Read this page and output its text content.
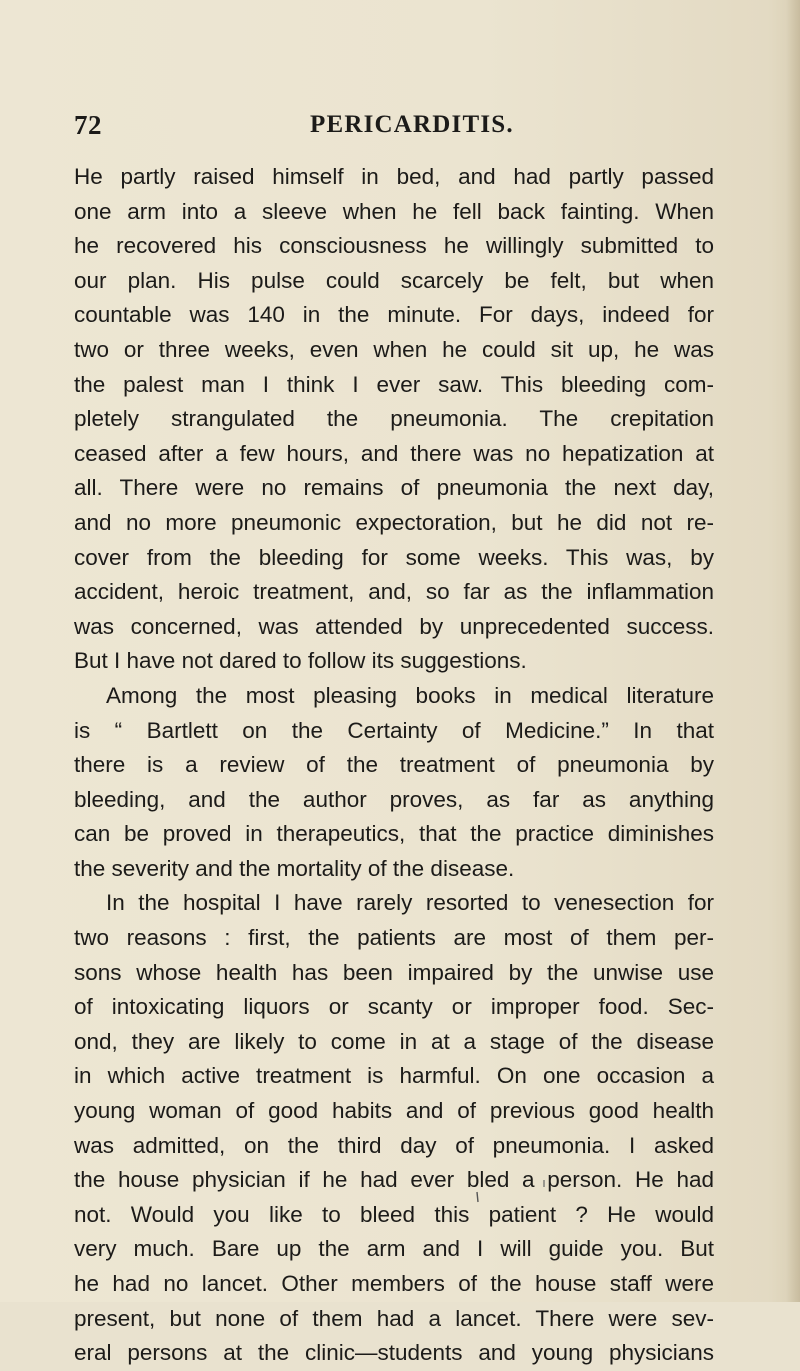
72	PERICARDITIS.
He partly raised himself in bed, and had partly passed
one arm into a sleeve when he fell back fainting. When
he recovered his consciousness he willingly submitted to
our plan. His pulse could scarcely be felt, but when
countable was 140 in the minute. For days, indeed for
two or three weeks, even when he could sit up, he was
the palest man I think I ever saw. This bleeding com-
pletely strangulated the pneumonia. The crepitation
ceased after a few hours, and there was no hepatization at
all. There were no remains of pneumonia the next day,
and no more pneumonic expectoration, but he did not re-
cover from the bleeding for some weeks. This was, by
accident, heroic treatment, and, so far as the inflammation
was concerned, was attended by unprecedented success.
But I have not dared to follow its suggestions.
Among the most pleasing books in medical literature
is “ Bartlett on the Certainty of Medicine.” In that
there is a review of the treatment of pneumonia by
bleeding, and the author proves, as far as anything
can be proved in therapeutics, that the practice diminishes
the severity and the mortality of the disease.
In the hospital I have rarely resorted to venesection for
two reasons : first, the patients are most of them per-
sons whose health has been impaired by the unwise use
of intoxicating liquors or scanty or improper food. Sec-
ond, they are likely to come in at a stage of the disease
in which active treatment is harmful. On one occasion a
young woman of good habits and of previous good health
was admitted, on the third day of pneumonia. I asked
the house physician if he had ever bled a person. He had
not. Would you like to bleed this patient ? He would
very much. Bare up the arm and I will guide you. But
he had no lancet. Other members of the house staff were
present, but none of them had a lancet. There were sev-
eral persons at the clinic—students and young physicians
